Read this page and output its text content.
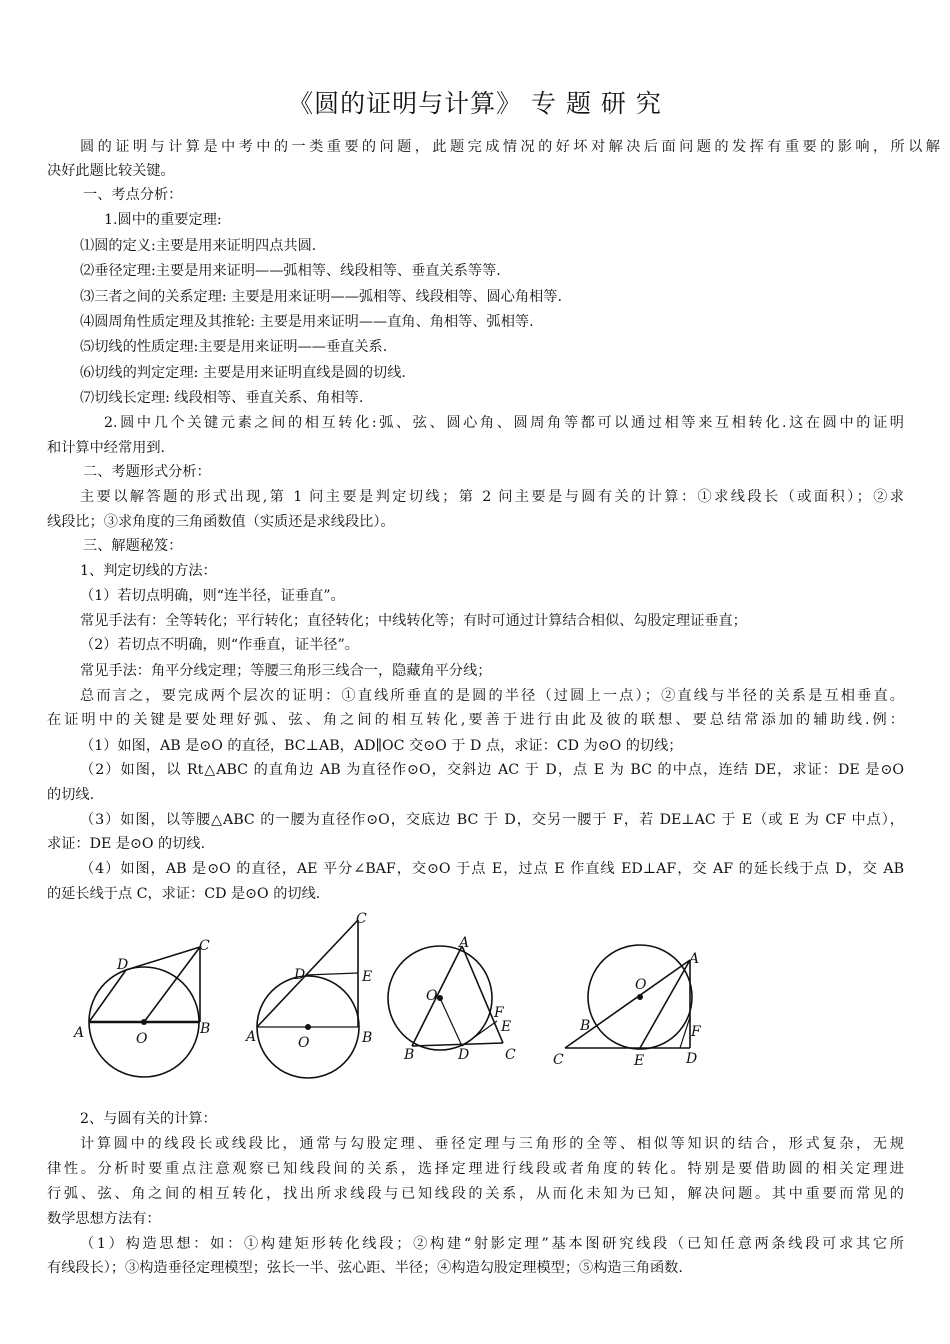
《圆的证明与计算》 专 题 研 究
圆的证明与计算是中考中的一类重要的问题，此题完成情况的好坏对解决后面问题的发挥有重要的影响，所以解
决好此题比较关键。
一、考点分析：
1.圆中的重要定理:
⑴圆的定义:主要是用来证明四点共圆.
⑵垂径定理:主要是用来证明——弧相等、线段相等、垂直关系等等.
⑶三者之间的关系定理: 主要是用来证明——弧相等、线段相等、圆心角相等.
⑷圆周角性质定理及其推轮: 主要是用来证明——直角、角相等、弧相等.
⑸切线的性质定理:主要是用来证明——垂直关系.
⑹切线的判定定理: 主要是用来证明直线是圆的切线.
⑺切线长定理: 线段相等、垂直关系、角相等.
2.圆中几个关键元素之间的相互转化:弧、弦、圆心角、圆周角等都可以通过相等来互相转化.这在圆中的证明
和计算中经常用到.
二、考题形式分析：
主要以解答题的形式出现,第 1 问主要是判定切线；第 2 问主要是与圆有关的计算：①求线段长（或面积）；②求
线段比；③求角度的三角函数值（实质还是求线段比）。
三、解题秘笈：
1、判定切线的方法：
（1）若切点明确，则“连半径，证垂直”。
常见手法有：全等转化；平行转化；直径转化；中线转化等；有时可通过计算结合相似、勾股定理证垂直；
（2）若切点不明确，则“作垂直，证半径”。
常见手法：角平分线定理；等腰三角形三线合一，隐藏角平分线；
总而言之，要完成两个层次的证明：①直线所垂直的是圆的半径（过圆上一点）；②直线与半径的关系是互相垂直。
在证明中的关键是要处理好弧、弦、角之间的相互转化,要善于进行由此及彼的联想、要总结常添加的辅助线.例：
（1）如图，AB 是⊙O 的直径，BC⊥AB，AD∥OC 交⊙O 于 D 点，求证：CD 为⊙O 的切线；
（2）如图，以 Rt△ABC 的直角边 AB 为直径作⊙O，交斜边 AC 于 D，点 E 为 BC 的中点，连结 DE，求证：DE 是⊙O
的切线.
（3）如图，以等腰△ABC 的一腰为直径作⊙O，交底边 BC 于 D，交另一腰于 F，若 DE⊥AC 于 E（或 E 为 CF 中点），
求证：DE 是⊙O 的切线.
（4）如图，AB 是⊙O 的直径，AE 平分∠BAF，交⊙O 于点 E，过点 E 作直线 ED⊥AF，交 AF 的延长线于点 D，交 AB
的延长线于点 C，求证：CD 是⊙O 的切线.
A	B
C
D
O	A	B
C
D	E
O
A
B	C
D
E
F
O
A
B
C	D
E
F
O
2、与圆有关的计算：
计算圆中的线段长或线段比，通常与勾股定理、垂径定理与三角形的全等、相似等知识的结合，形式复杂，无规
律性。分析时要重点注意观察已知线段间的关系，选择定理进行线段或者角度的转化。特别是要借助圆的相关定理进
行弧、弦、角之间的相互转化，找出所求线段与已知线段的关系，从而化未知为已知，解决问题。其中重要而常见的
数学思想方法有：
（1）构造思想：如：①构建矩形转化线段；②构建“射影定理”基本图研究线段（已知任意两条线段可求其它所
有线段长）；③构造垂径定理模型；弦长一半、弦心距、半径；④构造勾股定理模型；⑤构造三角函数.
